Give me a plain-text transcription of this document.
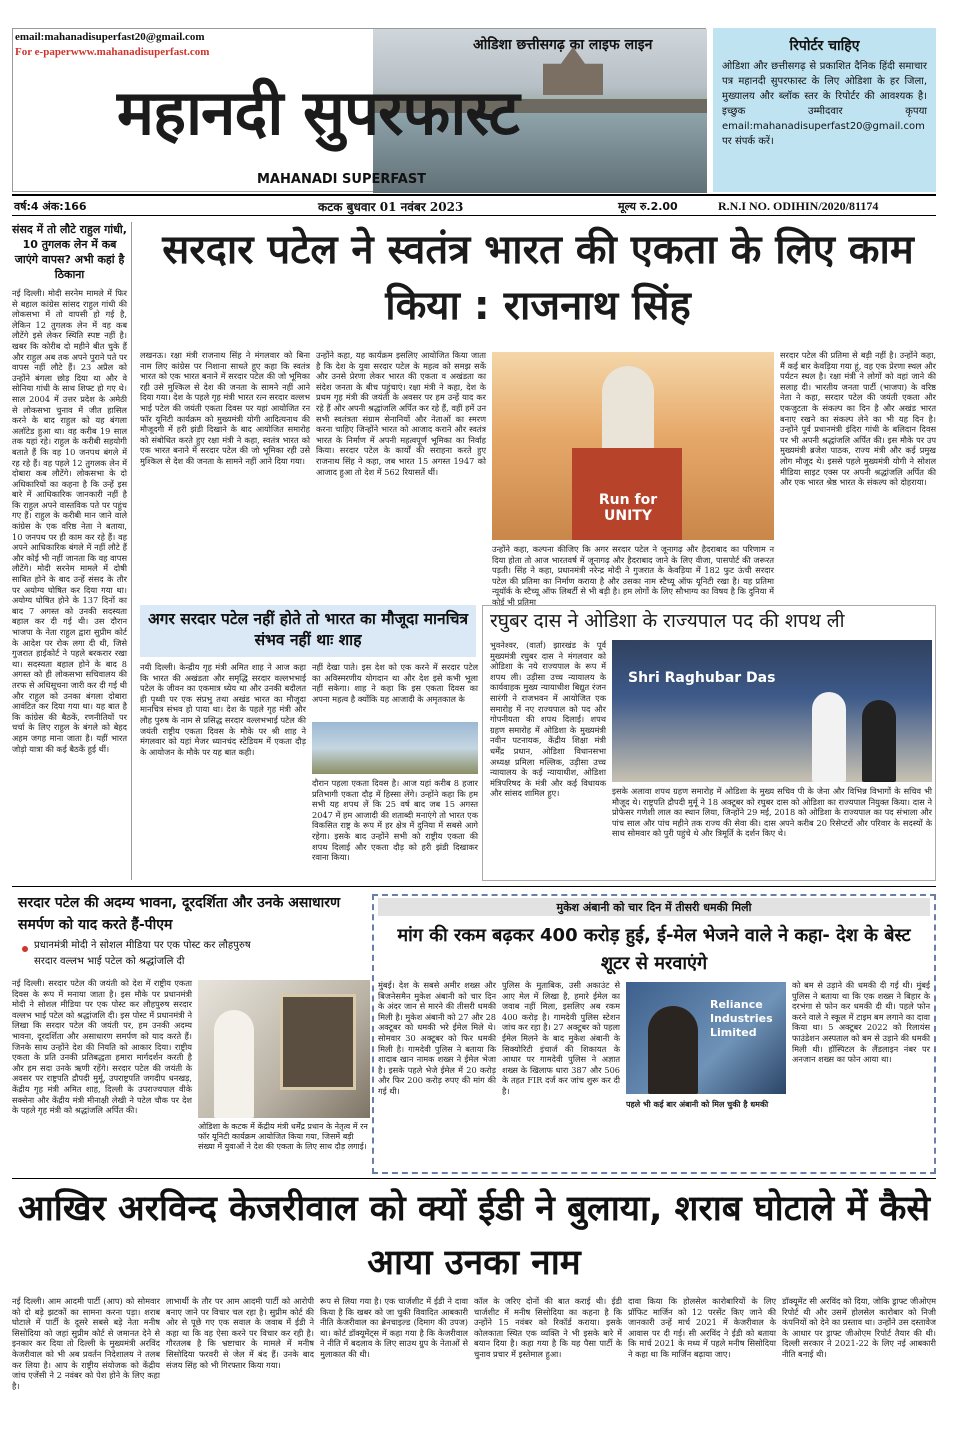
email:mahanadisuperfast20@gmail.com
For e-paperwww.mahanadisuperfast.com	ओडिशा छत्तीसगढ़ का लाइफ लाइन
महानदी सुपरफास्ट
MAHANADI SUPERFAST
रिपोर्टर चाहिए
ओडिशा और छत्तीसगढ़ से प्रकाशित दैनिक हिंदी समाचार पत्र महानदी सुपरफास्ट के लिए ओडिशा के हर जिला, मुख्यालय और ब्लॉक स्तर के रिपोर्टर की आवश्यक है। इच्छुक उम्मीदवार कृपया email:mahanadisuperfast20@gmail.com पर संपर्क करें।
वर्ष:4 अंक:166	कटक बुधवार 01 नवंबर 2023	मूल्य रु.2.00	R.N.I NO. ODIHIN/2020/81174
संसद में तो लौटे राहुल गांधी, 10 तुगलक लेन में कब जाएंगे वापस? अभी कहां है ठिकाना
नई दिल्ली। मोदी सरनेम मामले में फिर से बहाल कांग्रेस सांसद राहुल गांधी की लोकसभा में तो वापसी हो गई है, लेकिन 12 तुगलक लेन में वह कब लौटेंगे इसे लेकर स्थिति स्पष्ट नहीं है। खबर कि कोरीब दो महीने बीत चुके हैं और राहुल अब तक अपने पुराने पते पर वापस नहीं लौटे हैं। 23 अप्रैल को उन्होंने बंगला छोड़ दिया था और वे सोनिया गांधी के साथ शिफ्ट हो गए थे। साल 2004 में उत्तर प्रदेश के अमेठी से लोकसभा चुनाव में जीत हासिल करने के बाद राहुल को यह बंगला अलॉटेड हुआ था। वह करीब 19 साल तक यहां रहे। राहुल के करीबी सहयोगी बताते हैं कि वह 10 जनपथ बंगले में रह रहे हैं। वह पहले 12 तुगलक लेन में दोबारा कब लौटेंगे। लोकसभा के दो अधिकारियों का कहना है कि उन्हें इस बारे में आधिकारिक जानकारी नहीं है कि राहुल अपने वास्तविक पते पर पहुंच गए हैं। राहुल के करीबी मान जाने वाले कांग्रेस के एक वरिष्ठ नेता ने बताया, 10 जनपथ पर ही काम कर रहे हैं। वह अपने आधिकारिक बंगले में नहीं लौटे हैं और कोई भी नहीं जानता कि वह वापस लौटेंगे। मोदी सरनेम मामले में दोषी साबित होने के बाद उन्हें संसद के तौर पर अयोग्य घोषित कर दिया गया था। अयोग्य घोषित होने के 137 दिनों का बाद 7 अगस्त को उनकी सदस्यता बहाल कर दी गई थी। उस दौरान भाजपा के नेता राहुल द्वारा सुप्रीम कोर्ट के आदेश पर रोक लगा दी थी, जिसे गुजरात हाईकोर्ट ने पहले बरकरार रखा था। सदस्यता बहाल होने के बाद 8 अगस्त को ही लोकसभा सचिवालय की तरफ से अधिसूचना जारी कर दी गई थी और राहुल को उनका बंगला दोबारा आवंटित कर दिया गया था। यह बात है कि कांग्रेस की बैठकें, रणनीतियों पर चर्चा के लिए राहुल के बंगले को बेहद अहम जगह माना जाता है। यहीं भारत जोड़ो यात्रा की कई बैठकें हुई थीं।
सरदार पटेल ने स्वतंत्र भारत की एकता के लिए काम किया : राजनाथ सिंह
लखनऊ। रक्षा मंत्री राजनाथ सिंह ने मंगलवार को बिना नाम लिए कांग्रेस पर निशाना साधते हुए कहा कि स्वतंत्र भारत को एक भारत बनाने में सरदार पटेल की जो भूमिका रही उसे मुश्किल से देश की जनता के सामने नहीं आने दिया गया। देश के पहले गृह मंत्री भारत रत्न सरदार वल्लभ भाई पटेल की जयंती एकता दिवस पर यहां आयोजित रन फॉर यूनिटी कार्यक्रम को मुख्यमंत्री योगी आदित्यनाथ की मौजूदगी में हरी झंडी दिखाने के बाद आयोजित समारोह को संबोधित करते हुए रक्षा मंत्री ने कहा, स्वतंत्र भारत को एक भारत बनाने में सरदार पटेल की जो भूमिका रही उसे मुश्किल से देश की जनता के सामने नहीं आने दिया गया।
उन्होंने कहा, यह कार्यक्रम इसलिए आयोजित किया जाता है कि देश के युवा सरदार पटेल के महत्व को समझ सकें और उनसे प्रेरणा लेकर भारत की एकता व अखंडता का संदेश जनता के बीच पहुंचाएं। रक्षा मंत्री ने कहा, देश के प्रथम गृह मंत्री की जयंती के अवसर पर हम उन्हें याद कर रहे हैं और अपनी श्रद्धांजलि अर्पित कर रहे हैं, वहीं हमें उन सभी स्वतंत्रता संग्राम सेनानियों और नेताओं का स्मरण करना चाहिए जिन्होंने भारत को आजाद कराने और स्वतंत्र भारत के निर्माण में अपनी महत्वपूर्ण भूमिका का निर्वाह किया। सरदार पटेल के कार्यों की सराहना करते हुए राजनाथ सिंह ने कहा, जब भारत 15 अगस्त 1947 को आजाद हुआ तो देश में 562 रियासतें थीं।
Run for UNITY
उन्होंने कहा, कल्पना कीजिए कि अगर सरदार पटेल ने जूनागढ़ और हैदराबाद का परिणाम न दिया होता तो आज भारतवर्ष में जूनागढ़ और हैदराबाद जाने के लिए वीजा, पासपोर्ट की जरूरत पड़ती। सिंह ने कहा, प्रधानमंत्री नरेन्द्र मोदी ने गुजरात के केवड़िया में 182 फुट ऊंची सरदार पटेल की प्रतिमा का निर्माण कराया है और उसका नाम स्टैच्यू ऑफ यूनिटी रखा है। यह प्रतिमा न्यूयॉर्क के स्टैच्यू ऑफ लिबर्टी से भी बड़ी है। हम लोगों के लिए सौभाग्य का विषय है कि दुनिया में कोई भी प्रतिमा
सरदार पटेल की प्रतिमा से बड़ी नहीं है। उन्होंने कहा, मैं कई बार केवड़िया गया हूं, वह एक प्रेरणा स्थल और पर्यटन स्थल है। रक्षा मंत्री ने लोगों को वहां जाने की सलाह दी। भारतीय जनता पार्टी (भाजपा) के वरिष्ठ नेता ने कहा, सरदार पटेल की जयंती एकता और एकजुटता के संकल्प का दिन है और अखंड भारत बनाए रखने का संकल्प लेने का भी यह दिन है। उन्होंने पूर्व प्रधानमंत्री इंदिरा गांधी के बलिदान दिवस पर भी अपनी श्रद्धांजलि अर्पित की। इस मौके पर उप मुख्यमंत्री ब्रजेश पाठक, राज्य मंत्री और कई प्रमुख लोग मौजूद थे। इससे पहले मुख्यमंत्री योगी ने सोशल मीडिया साइट एक्स पर अपनी श्रद्धांजलि अर्पित की और एक भारत श्रेष्ठ भारत के संकल्प को दोहराया।
अगर सरदार पटेल नहीं होते तो भारत का मौजूदा मानचित्र संभव नहीं थाः शाह
नयी दिल्ली। केन्द्रीय गृह मंत्री अमित शाह ने आज कहा कि भारत की अखंडता और समृद्धि सरदार वल्लभभाई पटेल के जीवन का एकमात्र ध्येय था और उनकी बदौलत ही पृथ्वी पर एक संप्रभु तथा अखंड भारत का मौजूदा मानचित्र संभव हो पाया था। देश के पहले गृह मंत्री और लौह पुरुष के नाम से प्रसिद्ध सरदार वल्लभभाई पटेल की जयंती राष्ट्रीय एकता दिवस के मौके पर श्री शाह ने मंगलवार को यहां मेजर ध्यानचंद स्टेडियम में एकता दौड़ के आयोजन के मौके पर यह बात कही।
नहीं देखा पाते। इस देश को एक करने में सरदार पटेल का अविस्मरणीय योगदान था और देश इसे कभी भूला नहीं सकेगा। शाह ने कहा कि इस एकता दिवस का अपना महत्व है क्योंकि यह आजादी के अमृतकाल के
दौरान पहला एकता दिवस है। आज यहां करीब 8 हजार प्रतिभागी एकता दौड़ में हिस्सा लेंगे। उन्होंने कहा कि हम सभी यह शपथ लें कि 25 वर्ष बाद जब 15 अगस्त 2047 में हम आजादी की शताब्दी मनाएंगे तो भारत एक विकसित राष्ट्र के रूप में हर क्षेत्र में दुनिया में सबसे आगे रहेगा। इसके बाद उन्होंने सभी को राष्ट्रीय एकता की शपथ दिलाई और एकता दौड़ को हरी झंडी दिखाकर रवाना किया।
रघुबर दास ने ओडिशा के राज्यपाल पद की शपथ ली
भुवनेश्वर, (वार्ता) झारखंड के पूर्व मुख्यमंत्री रघुबर दास ने मंगलवार को ओडिशा के नये राज्यपाल के रूप में शपथ ली। उड़ीसा उच्च न्यायालय के कार्यवाहक मुख्य न्यायाधीश बिद्युत रंजन सारंगी ने राजभवन में आयोजित एक समारोह में नए राज्यपाल को पद और गोपनीयता की शपथ दिलाई। शपथ ग्रहण समारोह में ओडिशा के मुख्यमंत्री नवीन पटनायक, केंद्रीय शिक्षा मंत्री धर्मेंद्र प्रधान, ओडिशा विधानसभा अध्यक्ष प्रमिला मल्लिक, उड़ीसा उच्च न्यायालय के कई न्यायाधीश, ओडिशा मंत्रिपरिषद के मंत्री और कई विधायक और सांसद शामिल हुए।
Shri Raghubar Das
इसके अलावा शपथ ग्रहण समारोह में ओडिशा के मुख्य सचिव पी के जेना और विभिन्न विभागों के सचिव भी मौजूद थे। राष्ट्रपति द्रौपदी मुर्मू ने 18 अक्टूबर को रघुबर दास को ओडिशा का राज्यपाल नियुक्त किया। दास ने प्रोफेसर गणेशी लाल का स्थान लिया, जिन्होंने 29 मई, 2018 को ओडिशा के राज्यपाल का पद संभाला और पांच साल और पांच महीने तक राज्य की सेवा की। दास अपने करीब 20 रिसेप्टरों और परिवार के सदस्यों के साथ सोमवार को पुरी पहुंचे थे और त्रिमूर्ति के दर्शन किए थे।
सरदार पटेल की अदम्य भावना, दूरदर्शिता और उनके असाधारण समर्पण को याद करते हैं-पीएम
प्रधानमंत्री मोदी ने सोशल मीडिया पर एक पोस्ट कर लौहपुरुष
सरदार वल्लभ भाई पटेल को श्रद्धांजलि दी
नई दिल्ली। सरदार पटेल की जयंती को देश में राष्ट्रीय एकता दिवस के रूप में मनाया जाता है। इस मौके पर प्रधानमंत्री मोदी ने सोशल मीडिया पर एक पोस्ट कर लौहपुरुष सरदार वल्लभ भाई पटेल को श्रद्धांजलि दी। इस पोस्ट में प्रधानमंत्री ने लिखा कि सरदार पटेल की जयंती पर, हम उनकी अदम्य भावना, दूरदर्शिता और असाधारण समर्पण को याद करते हैं। जिनके साथ उन्होंने देश की नियति को आकार दिया। राष्ट्रीय एकता के प्रति उनकी प्रतिबद्धता हमारा मार्गदर्शन करती है और हम सदा उनके ऋणी रहेंगे। सरदार पटेल की जयंती के अवसर पर राष्ट्रपति द्रौपदी मुर्मू, उपराष्ट्रपति जगदीप धनखड़, केंद्रीय गृह मंत्री अमित शाह, दिल्ली के उपराज्यपाल वीके सक्सेना और केंद्रीय मंत्री मीनाक्षी लेखी ने पटेल चौक पर देश के पहले गृह मंत्री को श्रद्धांजलि अर्पित की।
ओडिशा के कटक में केंद्रीय मंत्री धर्मेंद्र प्रधान के नेतृत्व में रन फॉर यूनिटी कार्यक्रम आयोजित किया गया, जिसमें बड़ी संख्या में युवाओं ने देश की एकता के लिए साथ दौड़ लगाई।
मुकेश अंबानी को चार दिन में तीसरी धमकी मिली
मांग की रकम बढ़कर 400 करोड़ हुई, ई-मेल भेजने वाले ने कहा- देश के बेस्ट शूटर से मरवाएंगे
मुंबई। देश के सबसे अमीर शख्स और बिजनेसमैन मुकेश अंबानी को चार दिन के अंदर जान से मारने की तीसरी धमकी मिली है। मुकेश अंबानी को 27 और 28 अक्टूबर को धमकी भरे ईमेल मिले थे। सोमवार 30 अक्टूबर को फिर धमकी मिली है। गामदेवी पुलिस ने बताया कि शादाब खान नामक शख्स ने ईमेल भेजा है। इसके पहले भेजे ईमेल में 20 करोड़ और फिर 200 करोड़ रुपए की मांग की गई थी।
पुलिस के मुताबिक, उसी अकाउंट से आए मेल में लिखा है, हमारे ईमेल का जवाब नहीं मिला, इसलिए अब रकम 400 करोड़ है। गामदेवी पुलिस स्टेशन जांच कर रहा है। 27 अक्टूबर को पहला ईमेल मिलने के बाद मुकेश अंबानी के सिक्योरिटी इंचार्ज की शिकायत के आधार पर गामदेवी पुलिस ने अज्ञात शख्स के खिलाफ धारा 387 और 506 के तहत FIR दर्ज कर जांच शुरू कर दी है।
Reliance Industries Limited
पहले भी कई बार अंबानी को मिल चुकी है धमकी
को बम से उड़ाने की धमकी दी गई थी। मुंबई पुलिस ने बताया था कि एक शख्स ने बिहार के दरभंगा से फोन कर धमकी दी थी। पहले फोन करने वाले ने स्कूल में टाइम बम लगाने का दावा किया था। 5 अक्टूबर 2022 को रिलायंस फाउंडेशन अस्पताल को बम से उड़ाने की धमकी मिली थी। हॉस्पिटल के लैंडलाइन नंबर पर अनजान शख्स का फोन आया था।
आखिर अरविन्द केजरीवाल को क्यों ईडी ने बुलाया, शराब घोटाले में कैसे आया उनका नाम
नई दिल्ली। आम आदमी पार्टी (आप) को सोमवार को दो बड़े झटकों का सामना करना पड़ा। शराब घोटाले में पार्टी के दूसरे सबसे बड़े नेता मनीष सिसोदिया को जहां सुप्रीम कोर्ट से जमानत देने से इनकार कर दिया तो दिल्ली के मुख्यमंत्री अरविंद केजरीवाल को भी अब प्रवर्तन निदेशालय ने तलब कर लिया है। आप के राष्ट्रीय संयोजक को केंद्रीय जांच एजेंसी ने 2 नवंबर को पेश होने के लिए कहा है।
लाभार्थी के तौर पर आम आदमी पार्टी को आरोपी बनाए जाने पर विचार चल रहा है। सुप्रीम कोर्ट की ओर से पूछे गए एक सवाल के जवाब में ईडी ने कहा था कि वह ऐसा करने पर विचार कर रही है। गौरतलब है कि भ्रष्टाचार के मामले में मनीष सिसोदिया फरवरी से जेल में बंद हैं। उनके बाद संजय सिंह को भी गिरफ्तार किया गया।
रूप से लिया गया है। एक चार्जशीट में ईडी ने दावा किया है कि खबर को जा चुकी विवादित आबकारी नीति केजरीवाल का ब्रेनचाइल्ड (दिमाग की उपज) था। कोर्ट डॉक्यूमेंट्स में कहा गया है कि केजरीवाल ने नीति में बदलाव के लिए साउथ ग्रुप के नेताओं से मुलाकात की थी।
कॉल के जरिए दोनों की बात कराई थी। ईडी चार्जशीट में मनीष सिसोदिया का कहना है कि उन्होंने 15 नवंबर को रिकॉर्ड कराया। इसके कोलकाता स्थित एक व्यक्ति ने भी इसके बारे में बयान दिया है। कहा गया है कि यह पैसा पार्टी के चुनाव प्रचार में इस्तेमाल हुआ।
दावा किया कि होलसेल कारोबारियों के लिए प्रॉफिट मार्जिन को 12 परसेंट किए जाने की जानकारी उन्हें मार्च 2021 में केजरीवाल के आवास पर दी गई। सी अरविंद ने ईडी को बताया कि मार्च 2021 के मध्य में पहले मनीष सिसोदिया ने कहा था कि मार्जिन बढ़ाया जाए।
डॉक्यूमेंट सी अरविंद को दिया, जोकि ड्राफ्ट जीओएम रिपोर्ट थी और उसमें होलसेल कारोबार को निजी कंपनियों को देने का प्रस्ताव था। उन्होंने उस दस्तावेज के आधार पर ड्राफ्ट जीओएम रिपोर्ट तैयार की थी। दिल्ली सरकार ने 2021-22 के लिए नई आबकारी नीति बनाई थी।
